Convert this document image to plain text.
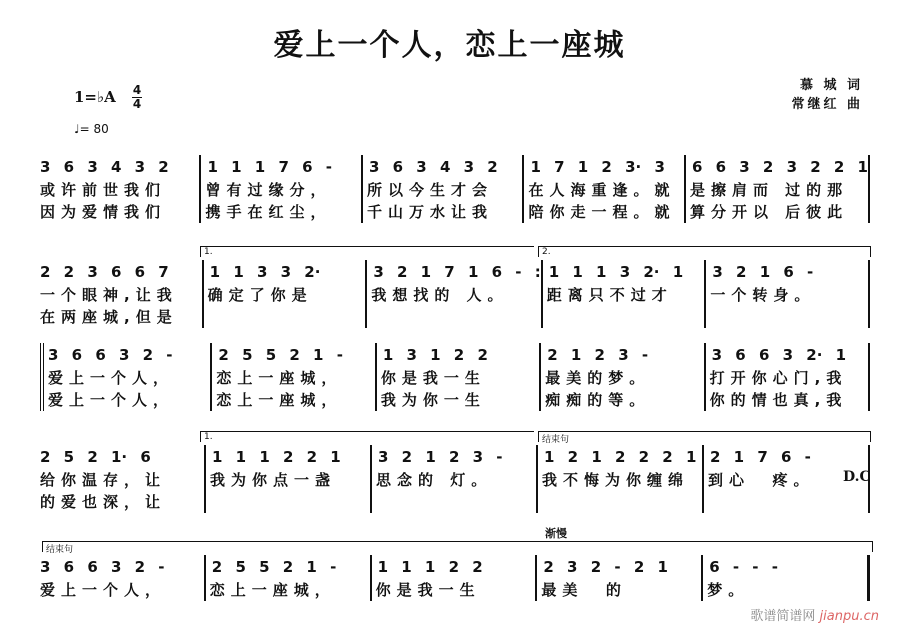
爱上一个人，恋上一座城
1=♭A 4
4
♩= 80
慕 城 词
常继红 曲
3 6 3 4 3 2
或许前世我们
因为爱情我们
1 1 1 7 6 -
曾有过缘分，
携手在红尘，
3 6 3 4 3 2
所以今生才会
千山万水让我
1 7 1 2 3· 3
在人海重逢。就
陪你走一程。就
6 6 3 2 3 2 2 1
是擦肩而 过的那
算分开以 后彼此
2 2 3 6 6 7
一个眼神,让我
在两座城,但是
1 1 3 3 2·
确定了你是
3 2 1 7 1 6 - :
我想找的 人。
1 1 1 3 2· 1
距离只不过才
3 2 1 6 -
一个转身。
1.	2.
3 6 6 3 2 -
爱上一个人，
爱上一个人，
2 5 5 2 1 -
恋上一座城，
恋上一座城，
1 3 1 2 2
你是我一生
我为你一生
2 1 2 3 -
最美的梦。
痴痴的等。
3 6 6 3 2· 1
打开你心门,我
你的情也真,我
2 5 2 1· 6
给你温存，让
的爱也深，让
1 1 1 2 2 1
我为你点一盏
3 2 1 2 3 -
思念的 灯。
1 2 1 2 2 2 1
我不悔为你缠绵
2 1 7 6 -
到心  疼。
1.	结束句
D.C
3 6 6 3 2 -
爱上一个人，
2 5 5 2 1 -
恋上一座城，
1 1 1 2 2
你是我一生
2 3 2 - 2 1
最美  的
6 - - -
梦。
结束句
渐慢
歌谱简谱网 jianpu.cn
